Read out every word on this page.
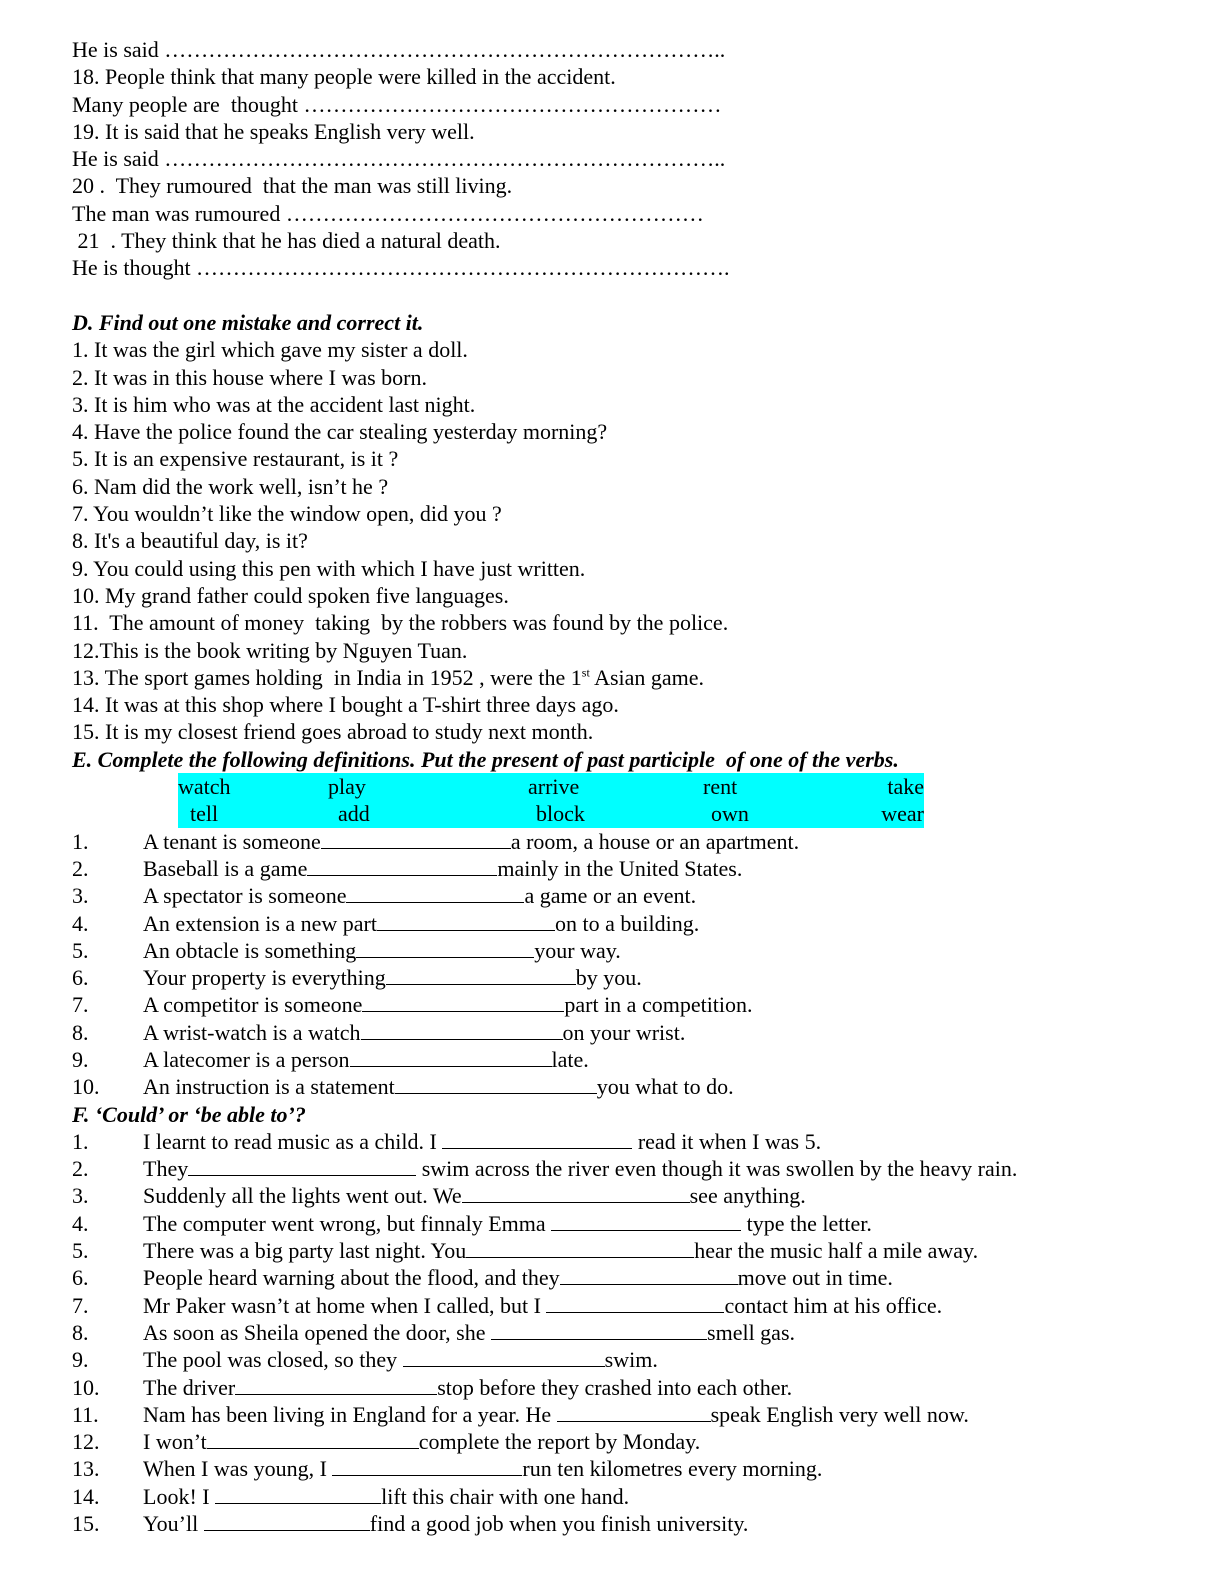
He is said …………………………………………………………………..
18. People think that many people were killed in the accident.
Many people are  thought …………………………………………………
19. It is said that he speaks English very well.
He is said …………………………………………………………………..
20 .  They rumoured  that the man was still living.
The man was rumoured …………………………………………………
21  . They think that he has died a natural death.
He is thought ……………………………………………………………….
D. Find out one mistake and correct it.
1. It was the girl which gave my sister a doll.
2. It was in this house where I was born.
3. It is him who was at the accident last night.
4. Have the police found the car stealing yesterday morning?
5. It is an expensive restaurant, is it ?
6. Nam did the work well, isn’t he ?
7. You wouldn’t like the window open, did you ?
8. It's a beautiful day, is it?
9. You could using this pen with which I have just written.
10. My grand father could spoken five languages.
11.  The amount of money  taking  by the robbers was found by the police.
12.This is the book writing by Nguyen Tuan.
13. The sport games holding  in India in 1952 , were the 1st Asian game.
14. It was at this shop where I bought a T-shirt three days ago.
15. It is my closest friend goes abroad to study next month.
E. Complete the following definitions. Put the present of past participle  of one of the verbs.
watch	play	arrive	rent	take
tell	add	block	own	wear
1.	A tenant is someone	a room, a house or an apartment.
2.	Baseball is a game	mainly in the United States.
3.	A spectator is someone	a game or an event.
4.	An extension is a new part	on to a building.
5.	An obtacle is something	your way.
6.	Your property is everything	by you.
7.	A competitor is someone	part in a competition.
8.	A wrist-watch is a watch	on your wrist.
9.	A latecomer is a person	late.
10.	An instruction is a statement	you what to do.
F. ‘Could’ or ‘be able to’?
1.	I learnt to read music as a child. I	read it when I was 5.
2.	They	swim across the river even though it was swollen by the heavy rain.
3.	Suddenly all the lights went out. We	see anything.
4.	The computer went wrong, but finnaly Emma	type the letter.
5.	There was a big party last night. You	hear the music half a mile away.
6.	People heard warning about the flood, and they	move out in time.
7.	Mr Paker wasn’t at home when I called, but I	contact him at his office.
8.	As soon as Sheila opened the door, she	smell gas.
9.	The pool was closed, so they	swim.
10.	The driver	stop before they crashed into each other.
11.	Nam has been living in England for a year. He	speak English very well now.
12.	I won’t	complete the report by Monday.
13.	When I was young, I	run ten kilometres every morning.
14.	Look! I	lift this chair with one hand.
15.	You’ll	find a good job when you finish university.
